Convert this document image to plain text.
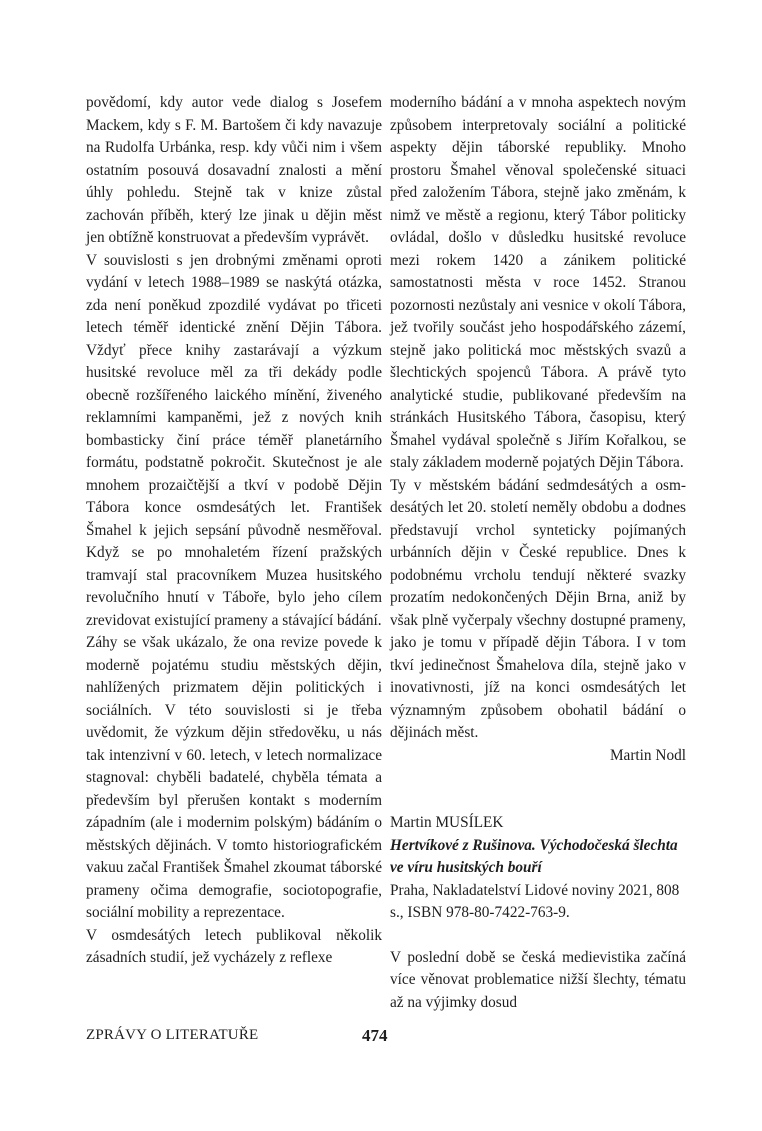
povědomí, kdy autor vede dialog s Josefem Mackem, kdy s F. M. Bartošem či kdy navazuje na Rudolfa Urbánka, resp. kdy vůči nim i všem ostatním posouvá dosavadní znalosti a mění úhly pohledu. Stejně tak v knize zůstal zachován příběh, který lze jinak u dějin měst jen obtížně konstruovat a především vyprávět.

V souvislosti s jen drobnými změnami oproti vydání v letech 1988–1989 se naskýtá otázka, zda není poněkud zpozdilé vydávat po třiceti letech téměř identické znění Dějin Tábora. Vždyť přece knihy zastarávají a výzkum husitské revoluce měl za tři dekády podle obecně rozšířeného laického mínění, živeného reklamními kampaněmi, jež z nových knih bombasticky činí práce téměř planetárního formátu, podstatně pokročit. Skutečnost je ale mnohem prozaičtější a tkví v podobě Dějin Tábora konce osmdesátých let. František Šmahel k jejich sepsání původně nesměřoval. Když se po mnohaletém řízení pražských tramvají stal pracovníkem Muzea husitského revolučního hnutí v Táboře, bylo jeho cílem zrevidovat existující prameny a stávající bádání.

Záhy se však ukázalo, že ona revize povede k moderně pojatému studiu městských dějin, nahlížených prizmatem dějin politických i sociálních. V této souvislosti si je třeba uvědomit, že výzkum dějin středověku, u nás tak intenzivní v 60. letech, v letech normalizace stagnoval: chyběli badatelé, chyběla témata a především byl přerušen kontakt s moderním západním (ale i modernim polským) bádáním o městských dějinách. V tomto historiografickém vakuu začal František Šmahel zkoumat táborské prameny očima demografie, sociotopografie, sociální mobility a reprezentace.

V osmdesátých letech publikoval několik zásadních studií, jež vycházely z reflexe

moderního bádání a v mnoha aspektech novým způsobem interpretovaly sociální a politické aspekty dějin táborské republiky. Mnoho prostoru Šmahel věnoval společenské situaci před založením Tábora, stejně jako změnám, k nimž ve městě a regionu, který Tábor politicky ovládal, došlo v důsledku husitské revoluce mezi rokem 1420 a zánikem politické samostatnosti města v roce 1452. Stranou pozornosti nezůstaly ani vesnice v okolí Tábora, jež tvořily součást jeho hospodářského zázemí, stejně jako politická moc městských svazů a šlechtických spojenců Tábora. A právě tyto analytické studie, publikované především na stránkách Husitského Tábora, časopisu, který Šmahel vydával společně s Jiřím Kořalkou, se staly základem moderně pojatých Dějin Tábora.

Ty v městském bádání sedmdesátých a osmdesátých let 20. století neměly obdobu a dodnes představují vrchol synteticky pojímaných urbánních dějin v České republice. Dnes k podobnému vrcholu tendují některé svazky prozatím nedokončených Dějin Brna, aniž by však plně vyčerpaly všechny dostupné prameny, jako je tomu v případě dějin Tábora. I v tom tkví jedinečnost Šmahelova díla, stejně jako v inovativnosti, jíž na konci osmdesátých let významným způsobem obohatil bádání o dějinách měst.

Martin Nodl

Martin MUSÍLEK
Hertvíkové z Rušinova. Východočeská šlechta ve víru husitských bouří
Praha, Nakladatelství Lidové noviny 2021, 808 s., ISBN 978-80-7422-763-9.

V poslední době se česká medievistika začíná více věnovat problematice nižší šlechty, tématu až na výjimky dosud

ZPRÁVY O LITERATUŘE	474
